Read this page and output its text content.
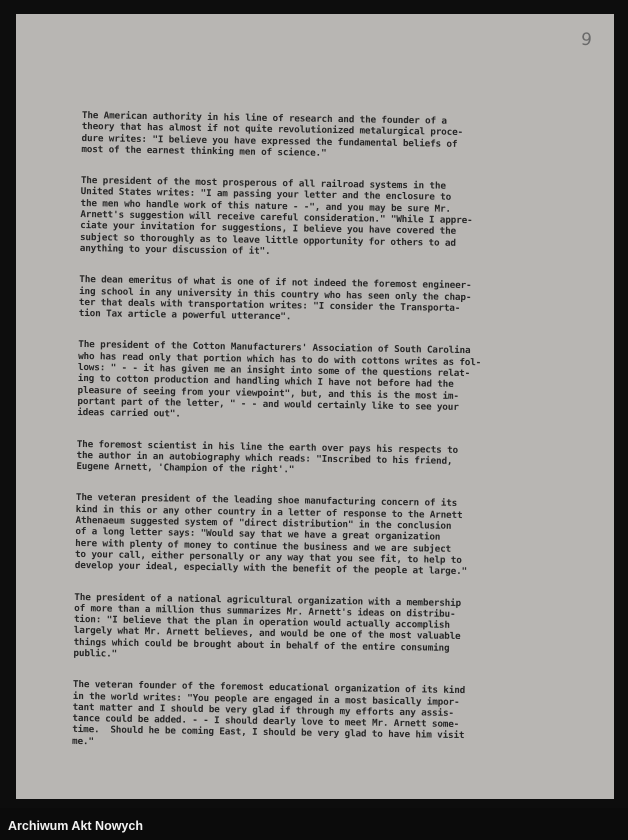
9

The American authority in his line of research and the founder of a
theory that has almost if not quite revolutionized metalurgical proce-
dure writes: "I believe you have expressed the fundamental beliefs of
most of the earnest thinking men of science."

The president of the most prosperous of all railroad systems in the
United States writes: "I am passing your letter and the enclosure to
the men who handle work of this nature - -", and you may be sure Mr.
Arnett's suggestion will receive careful consideration." "While I appre-
ciate your invitation for suggestions, I believe you have covered the
subject so thoroughly as to leave little opportunity for others to ad
anything to your discussion of it".

The dean emeritus of what is one of if not indeed the foremost engineer-
ing school in any university in this country who has seen only the chap-
ter that deals with transportation writes: "I consider the Transporta-
tion Tax article a powerful utterance".

The president of the Cotton Manufacturers' Association of South Carolina
who has read only that portion which has to do with cottons writes as fol-
lows: " - - it has given me an insight into some of the questions relat-
ing to cotton production and handling which I have not before had the
pleasure of seeing from your viewpoint", but, and this is the most im-
portant part of the letter, " - - and would certainly like to see your
ideas carried out".

The foremost scientist in his line the earth over pays his respects to
the author in an autobiography which reads: "Inscribed to his friend,
Eugene Arnett, 'Champion of the right'."

The veteran president of the leading shoe manufacturing concern of its
kind in this or any other country in a letter of response to the Arnett
Athenaeum suggested system of "direct distribution" in the conclusion
of a long letter says: "Would say that we have a great organization
here with plenty of money to continue the business and we are subject
to your call, either personally or any way that you see fit, to help to
develop your ideal, especially with the benefit of the people at large."

The president of a national agricultural organization with a membership
of more than a million thus summarizes Mr. Arnett's ideas on distribu-
tion: "I believe that the plan in operation would actually accomplish
largely what Mr. Arnett believes, and would be one of the most valuable
things which could be brought about in behalf of the entire consuming
public."

The veteran founder of the foremost educational organization of its kind
in the world writes: "You people are engaged in a most basically impor-
tant matter and I should be very glad if through my efforts any assis-
tance could be added. - - I should dearly love to meet Mr. Arnett some-
time.  Should he be coming East, I should be very glad to have him visit
me."

Archiwum Akt Nowych
